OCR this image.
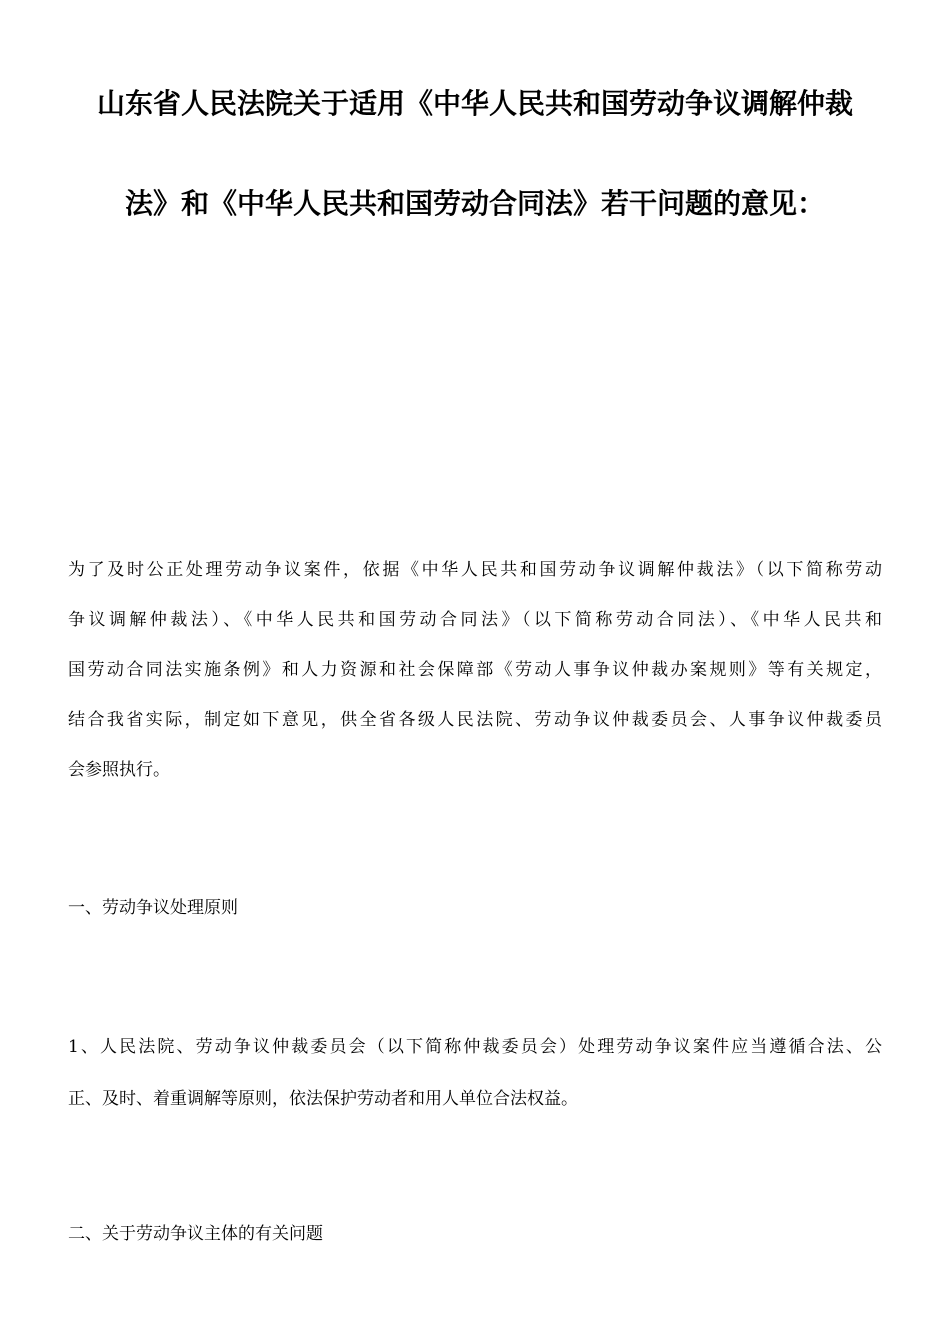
山东省人民法院关于适用《中华人民共和国劳动争议调解仲裁
法》和《中华人民共和国劳动合同法》若干问题的意见：
为了及时公正处理劳动争议案件，依据《中华人民共和国劳动争议调解仲裁法》（以下简称劳动
争议调解仲裁法）、《中华人民共和国劳动合同法》（以下简称劳动合同法）、《中华人民共和
国劳动合同法实施条例》和人力资源和社会保障部《劳动人事争议仲裁办案规则》等有关规定，
结合我省实际，制定如下意见，供全省各级人民法院、劳动争议仲裁委员会、人事争议仲裁委员
会参照执行。
一、劳动争议处理原则
1、人民法院、劳动争议仲裁委员会（以下简称仲裁委员会）处理劳动争议案件应当遵循合法、公
正、及时、着重调解等原则，依法保护劳动者和用人单位合法权益。
二、关于劳动争议主体的有关问题
